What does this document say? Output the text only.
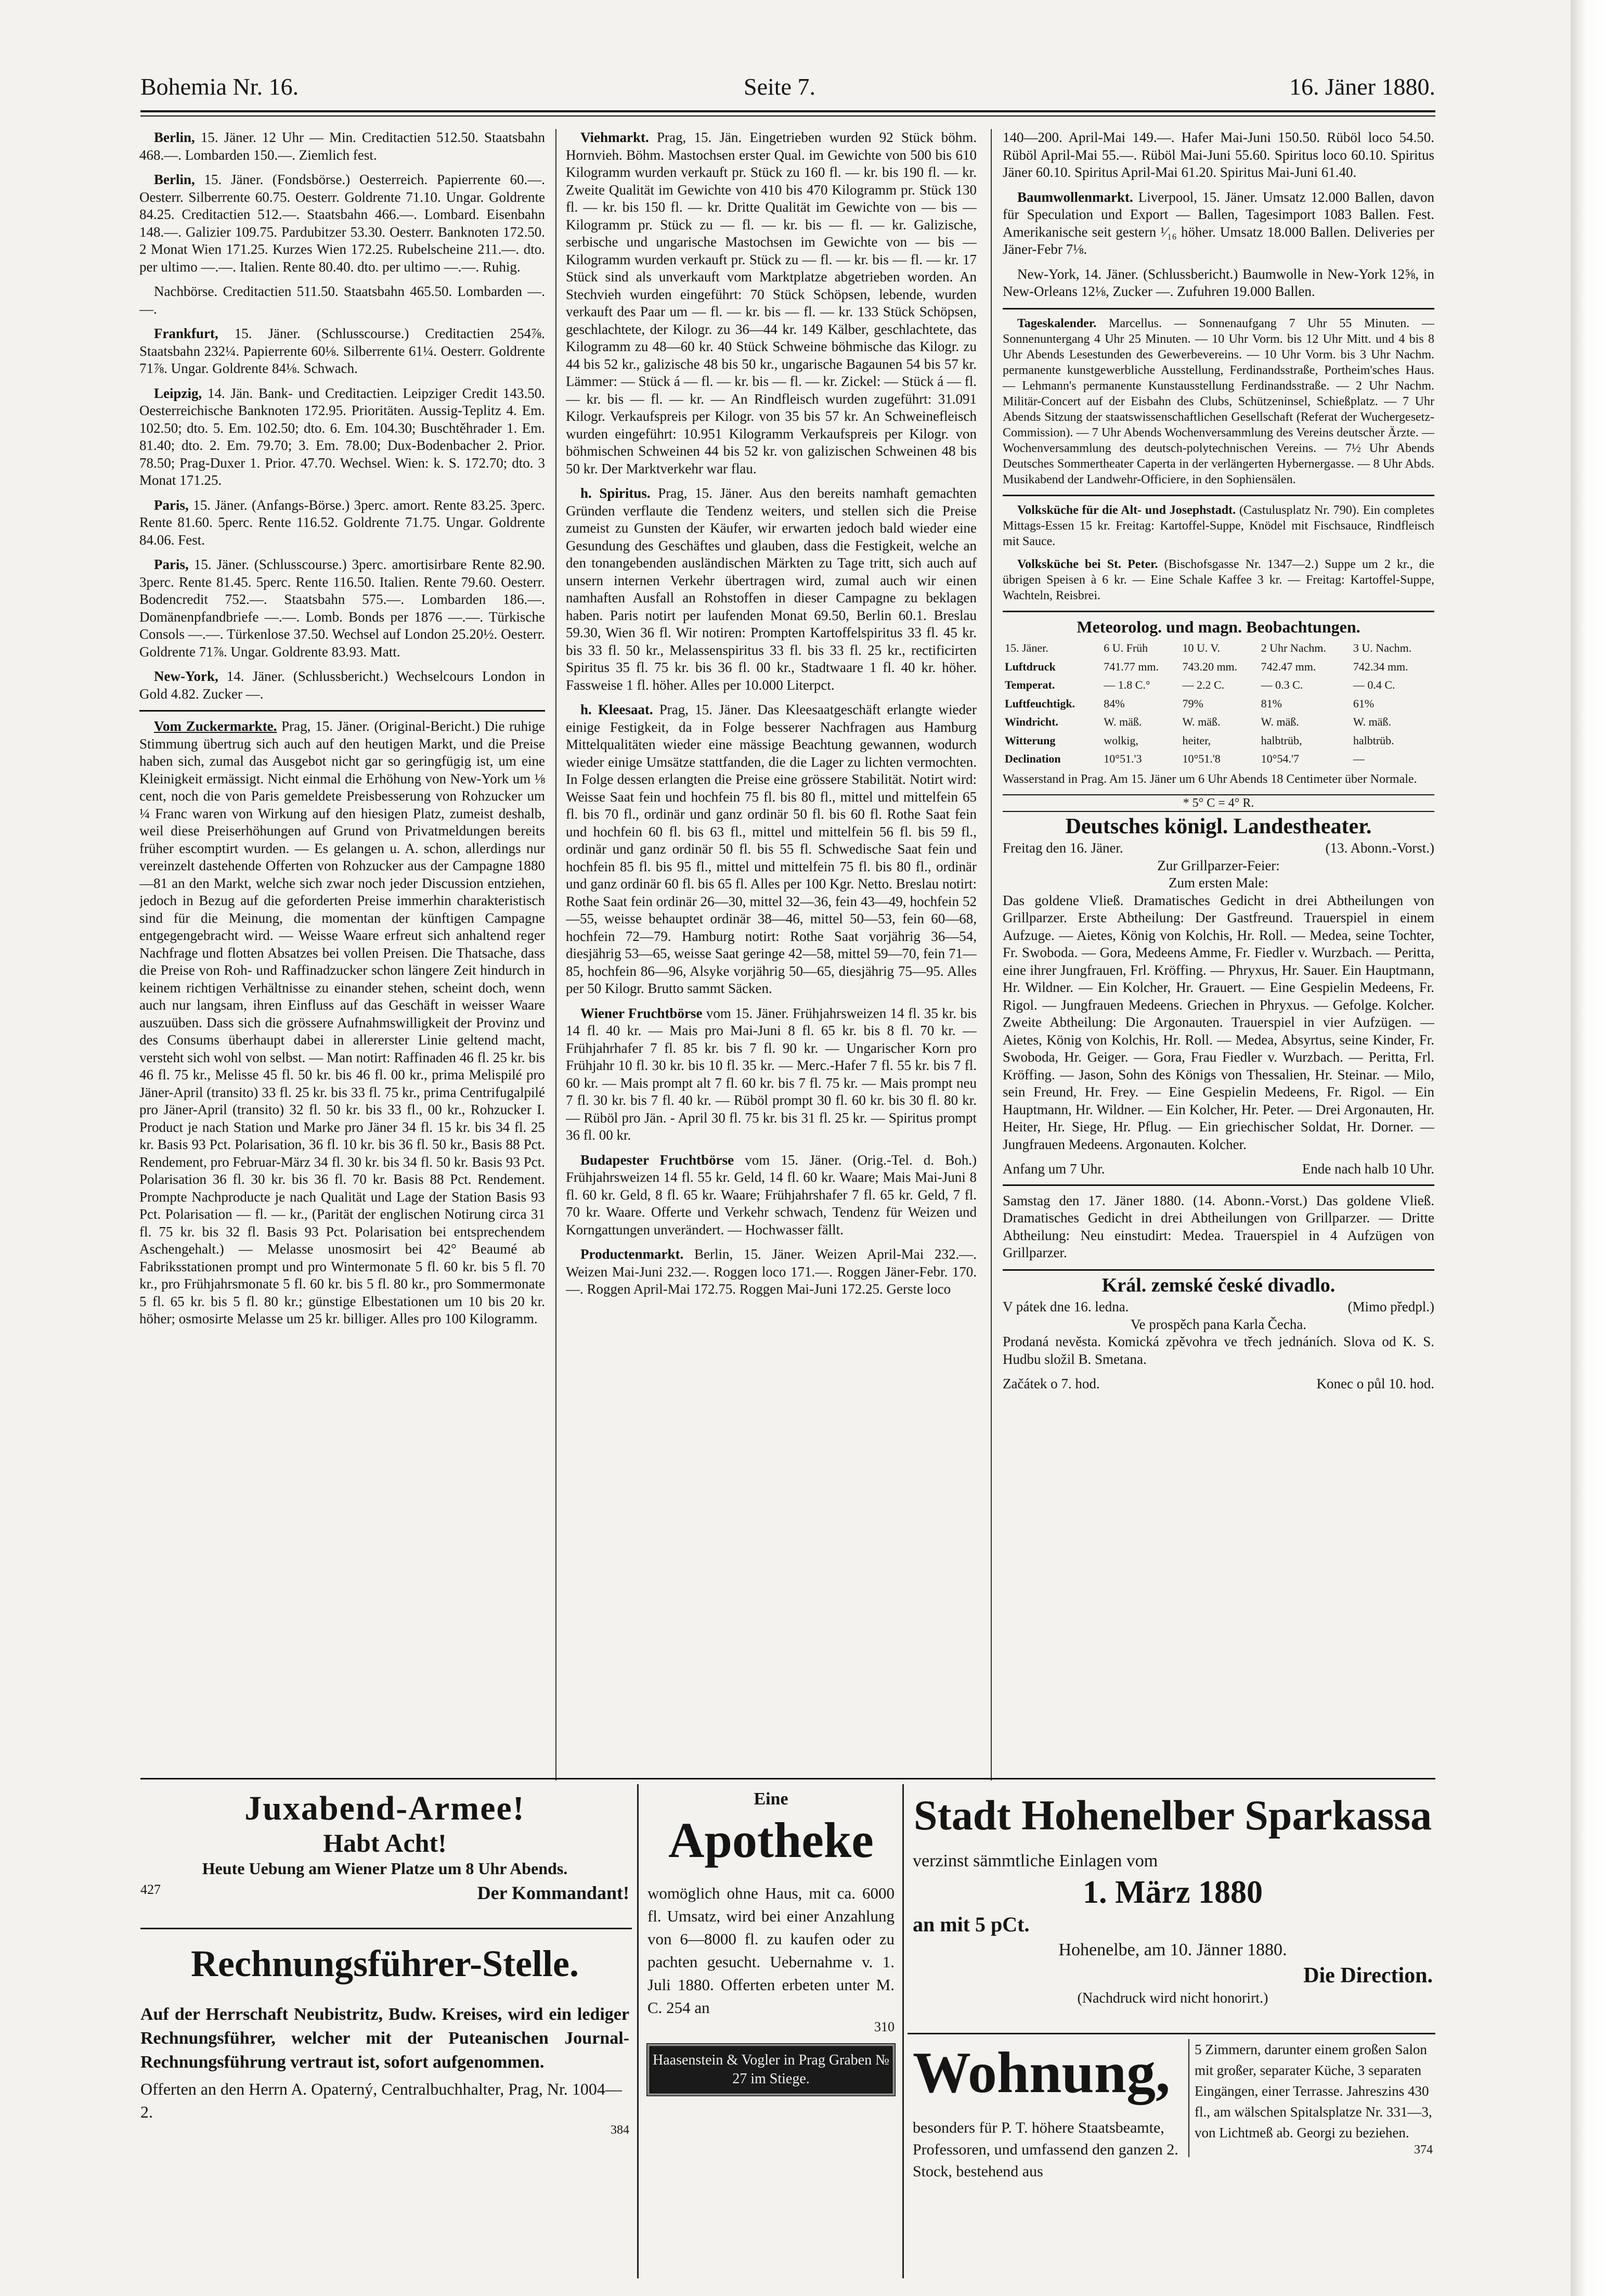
Bohemia Nr. 16.	Seite 7.	16. Jäner 1880.

Berlin, 15. Jäner. 12 Uhr — Min. Creditactien 512.50. Staatsbahn 468.—. Lombarden 150.—. Ziemlich fest.

Berlin, 15. Jäner. (Fondsbörse.) Oesterreich. Papierrente 60.—. Oesterr. Silberrente 60.75. Oesterr. Goldrente 71.10. Ungar. Goldrente 84.25. Creditactien 512.—. Staatsbahn 466.—. Lombard. Eisenbahn 148.—. Galizier 109.75. Pardubitzer 53.30. Oesterr. Banknoten 172.50. 2 Monat Wien 171.25. Kurzes Wien 172.25. Rubelscheine 211.—. dto. per ultimo —.—. Italien. Rente 80.40. dto. per ultimo —.—. Ruhig.

Nachbörse. Creditactien 511.50. Staatsbahn 465.50. Lombarden —.—.

Frankfurt, 15. Jäner. (Schlusscourse.) Creditactien 254⅞. Staatsbahn 232¼. Papierrente 60⅛. Silberrente 61¼. Oesterr. Goldrente 71⅞. Ungar. Goldrente 84⅛. Schwach.

Leipzig, 14. Jän. Bank- und Creditactien. Leipziger Credit 143.50. Oesterreichische Banknoten 172.95. Prioritäten. Aussig-Teplitz 4. Em. 102.50; dto. 5. Em. 102.50; dto. 6. Em. 104.30; Buschtěhrader 1. Em. 81.40; dto. 2. Em. 79.70; 3. Em. 78.00; Dux-Bodenbacher 2. Prior. 78.50; Prag-Duxer 1. Prior. 47.70. Wechsel. Wien: k. S. 172.70; dto. 3 Monat 171.25.

Paris, 15. Jäner. (Anfangs-Börse.) 3perc. amort. Rente 83.25. 3perc. Rente 81.60. 5perc. Rente 116.52. Goldrente 71.75. Ungar. Goldrente 84.06. Fest.

Paris, 15. Jäner. (Schlusscourse.) 3perc. amortisirbare Rente 82.90. 3perc. Rente 81.45. 5perc. Rente 116.50. Italien. Rente 79.60. Oesterr. Bodencredit 752.—. Staatsbahn 575.—. Lombarden 186.—. Domänenpfandbriefe —.—. Lomb. Bonds per 1876 —.—. Türkische Consols —.—. Türkenlose 37.50. Wechsel auf London 25.20½. Oesterr. Goldrente 71⅞. Ungar. Goldrente 83.93. Matt.

New-York, 14. Jäner. (Schlussbericht.) Wechselcours London in Gold 4.82. Zucker —.

Vom Zuckermarkte. Prag, 15. Jäner. (Original-Bericht.) Die ruhige Stimmung übertrug sich auch auf den heutigen Markt, und die Preise haben sich, zumal das Ausgebot nicht gar so geringfügig ist, um eine Kleinigkeit ermässigt. Nicht einmal die Erhöhung von New-York um ⅛ cent, noch die von Paris gemeldete Preisbesserung von Rohzucker um ¼ Franc waren von Wirkung auf den hiesigen Platz, zumeist deshalb, weil diese Preiserhöhungen auf Grund von Privatmeldungen bereits früher escomptirt wurden. — Es gelangen u. A. schon, allerdings nur vereinzelt dastehende Offerten von Rohzucker aus der Campagne 1880—81 an den Markt, welche sich zwar noch jeder Discussion entziehen, jedoch in Bezug auf die geforderten Preise immerhin charakteristisch sind für die Meinung, die momentan der künftigen Campagne entgegengebracht wird. — Weisse Waare erfreut sich anhaltend reger Nachfrage und flotten Absatzes bei vollen Preisen. Die Thatsache, dass die Preise von Roh- und Raffinadzucker schon längere Zeit hindurch in keinem richtigen Verhältnisse zu einander stehen, scheint doch, wenn auch nur langsam, ihren Einfluss auf das Geschäft in weisser Waare auszuüben. Dass sich die grössere Aufnahmswilligkeit der Provinz und des Consums überhaupt dabei in allererster Linie geltend macht, versteht sich wohl von selbst. — Man notirt: Raffinaden 46 fl. 25 kr. bis 46 fl. 75 kr., Melisse 45 fl. 50 kr. bis 46 fl. 00 kr., prima Melispilé pro Jäner-April (transito) 33 fl. 25 kr. bis 33 fl. 75 kr., prima Centrifugalpilé pro Jäner-April (transito) 32 fl. 50 kr. bis 33 fl., 00 kr., Rohzucker I. Product je nach Station und Marke pro Jäner 34 fl. 15 kr. bis 34 fl. 25 kr. Basis 93 Pct. Polarisation, 36 fl. 10 kr. bis 36 fl. 50 kr., Basis 88 Pct. Rendement, pro Februar-März 34 fl. 30 kr. bis 34 fl. 50 kr. Basis 93 Pct. Polarisation 36 fl. 30 kr. bis 36 fl. 70 kr. Basis 88 Pct. Rendement. Prompte Nachproducte je nach Qualität und Lage der Station Basis 93 Pct. Polarisation — fl. — kr., (Parität der englischen Notirung circa 31 fl. 75 kr. bis 32 fl. Basis 93 Pct. Polarisation bei entsprechendem Aschengehalt.) — Melasse unosmosirt bei 42° Beaumé ab Fabriksstationen prompt und pro Wintermonate 5 fl. 60 kr. bis 5 fl. 70 kr., pro Frühjahrsmonate 5 fl. 60 kr. bis 5 fl. 80 kr., pro Sommermonate 5 fl. 65 kr. bis 5 fl. 80 kr.; günstige Elbestationen um 10 bis 20 kr. höher; osmosirte Melasse um 25 kr. billiger. Alles pro 100 Kilogramm.

Viehmarkt. Prag, 15. Jän. Eingetrieben wurden 92 Stück böhm. Hornvieh. Böhm. Mastochsen erster Qual. im Gewichte von 500 bis 610 Kilogramm wurden verkauft pr. Stück zu 160 fl. — kr. bis 190 fl. — kr. Zweite Qualität im Gewichte von 410 bis 470 Kilogramm pr. Stück 130 fl. — kr. bis 150 fl. — kr. Dritte Qualität im Gewichte von — bis — Kilogramm pr. Stück zu — fl. — kr. bis — fl. — kr. Galizische, serbische und ungarische Mastochsen im Gewichte von — bis — Kilogramm wurden verkauft pr. Stück zu — fl. — kr. bis — fl. — kr. 17 Stück sind als unverkauft vom Marktplatze abgetrieben worden. An Stechvieh wurden eingeführt: 70 Stück Schöpsen, lebende, wurden verkauft des Paar um — fl. — kr. bis — fl. — kr. 133 Stück Schöpsen, geschlachtete, der Kilogr. zu 36—44 kr. 149 Kälber, geschlachtete, das Kilogramm zu 48—60 kr. 40 Stück Schweine böhmische das Kilogr. zu 44 bis 52 kr., galizische 48 bis 50 kr., ungarische Bagaunen 54 bis 57 kr. Lämmer: — Stück á — fl. — kr. bis — fl. — kr. Zickel: — Stück á — fl. — kr. bis — fl. — kr. — An Rindfleisch wurden zugeführt: 31.091 Kilogr. Verkaufspreis per Kilogr. von 35 bis 57 kr. An Schweinefleisch wurden eingeführt: 10.951 Kilogramm Verkaufspreis per Kilogr. von böhmischen Schweinen 44 bis 52 kr. von galizischen Schweinen 48 bis 50 kr. Der Marktverkehr war flau.

h. Spiritus. Prag, 15. Jäner. Aus den bereits namhaft gemachten Gründen verflaute die Tendenz weiters, und stellen sich die Preise zumeist zu Gunsten der Käufer, wir erwarten jedoch bald wieder eine Gesundung des Geschäftes und glauben, dass die Festigkeit, welche an den tonangebenden ausländischen Märkten zu Tage tritt, sich auch auf unsern internen Verkehr übertragen wird, zumal auch wir einen namhaften Ausfall an Rohstoffen in dieser Campagne zu beklagen haben. Paris notirt per laufenden Monat 69.50, Berlin 60.1. Breslau 59.30, Wien 36 fl. Wir notiren: Prompten Kartoffelspiritus 33 fl. 45 kr. bis 33 fl. 50 kr., Melassenspiritus 33 fl. bis 33 fl. 25 kr., rectificirten Spiritus 35 fl. 75 kr. bis 36 fl. 00 kr., Stadtwaare 1 fl. 40 kr. höher. Fassweise 1 fl. höher. Alles per 10.000 Literpct.

h. Kleesaat. Prag, 15. Jäner. Das Kleesaatgeschäft erlangte wieder einige Festigkeit, da in Folge besserer Nachfragen aus Hamburg Mittelqualitäten wieder eine mässige Beachtung gewannen, wodurch wieder einige Umsätze stattfanden, die die Lager zu lichten vermochten. In Folge dessen erlangten die Preise eine grössere Stabilität. Notirt wird: Weisse Saat fein und hochfein 75 fl. bis 80 fl., mittel und mittelfein 65 fl. bis 70 fl., ordinär und ganz ordinär 50 fl. bis 60 fl. Rothe Saat fein und hochfein 60 fl. bis 63 fl., mittel und mittelfein 56 fl. bis 59 fl., ordinär und ganz ordinär 50 fl. bis 55 fl. Schwedische Saat fein und hochfein 85 fl. bis 95 fl., mittel und mittelfein 75 fl. bis 80 fl., ordinär und ganz ordinär 60 fl. bis 65 fl. Alles per 100 Kgr. Netto. Breslau notirt: Rothe Saat fein ordinär 26—30, mittel 32—36, fein 43—49, hochfein 52—55, weisse behauptet ordinär 38—46, mittel 50—53, fein 60—68, hochfein 72—79. Hamburg notirt: Rothe Saat vorjährig 36—54, diesjährig 53—65, weisse Saat geringe 42—58, mittel 59—70, fein 71—85, hochfein 86—96, Alsyke vorjährig 50—65, diesjährig 75—95. Alles per 50 Kilogr. Brutto sammt Säcken.

Wiener Fruchtbörse vom 15. Jäner. Frühjahrsweizen 14 fl. 35 kr. bis 14 fl. 40 kr. — Mais pro Mai-Juni 8 fl. 65 kr. bis 8 fl. 70 kr. — Frühjahrhafer 7 fl. 85 kr. bis 7 fl. 90 kr. — Ungarischer Korn pro Frühjahr 10 fl. 30 kr. bis 10 fl. 35 kr. — Merc.-Hafer 7 fl. 55 kr. bis 7 fl. 60 kr. — Mais prompt alt 7 fl. 60 kr. bis 7 fl. 75 kr. — Mais prompt neu 7 fl. 30 kr. bis 7 fl. 40 kr. — Rüböl prompt 30 fl. 60 kr. bis 30 fl. 80 kr. — Rüböl pro Jän. - April 30 fl. 75 kr. bis 31 fl. 25 kr. — Spiritus prompt 36 fl. 00 kr.

Budapester Fruchtbörse vom 15. Jäner. (Orig.-Tel. d. Boh.) Frühjahrsweizen 14 fl. 55 kr. Geld, 14 fl. 60 kr. Waare; Mais Mai-Juni 8 fl. 60 kr. Geld, 8 fl. 65 kr. Waare; Frühjahrshafer 7 fl. 65 kr. Geld, 7 fl. 70 kr. Waare. Offerte und Verkehr schwach, Tendenz für Weizen und Korngattungen unverändert. — Hochwasser fällt.

Productenmarkt. Berlin, 15. Jäner. Weizen April-Mai 232.—. Weizen Mai-Juni 232.—. Roggen loco 171.—. Roggen Jäner-Febr. 170.—. Roggen April-Mai 172.75. Roggen Mai-Juni 172.25. Gerste loco

140—200. April-Mai 149.—. Hafer Mai-Juni 150.50. Rüböl loco 54.50. Rüböl April-Mai 55.—. Rüböl Mai-Juni 55.60. Spiritus loco 60.10. Spiritus Jäner 60.10. Spiritus April-Mai 61.20. Spiritus Mai-Juni 61.40.

Baumwollenmarkt. Liverpool, 15. Jäner. Umsatz 12.000 Ballen, davon für Speculation und Export — Ballen, Tagesimport 1083 Ballen. Fest. Amerikanische seit gestern ¹⁄₁₆ höher. Umsatz 18.000 Ballen. Deliveries per Jäner-Febr 7⅛.

New-York, 14. Jäner. (Schlussbericht.) Baumwolle in New-York 12⅝, in New-Orleans 12⅛, Zucker —. Zufuhren 19.000 Ballen.

Tageskalender. Marcellus. — Sonnenaufgang 7 Uhr 55 Minuten. — Sonnenuntergang 4 Uhr 25 Minuten. — 10 Uhr Vorm. bis 12 Uhr Mitt. und 4 bis 8 Uhr Abends Lesestunden des Gewerbevereins. — 10 Uhr Vorm. bis 3 Uhr Nachm. permanente kunstgewerbliche Ausstellung, Ferdinandsstraße, Portheim'sches Haus. — Lehmann's permanente Kunstausstellung Ferdinandsstraße. — 2 Uhr Nachm. Militär-Concert auf der Eisbahn des Clubs, Schützeninsel, Schießplatz. — 7 Uhr Abends Sitzung der staatswissenschaftlichen Gesellschaft (Referat der Wuchergesetz-Commission). — 7 Uhr Abends Wochenversammlung des Vereins deutscher Ärzte. — Wochenversammlung des deutsch-polytechnischen Vereins. — 7½ Uhr Abends Deutsches Sommertheater Caperta in der verlängerten Hybernergasse. — 8 Uhr Abds. Musikabend der Landwehr-Officiere, in den Sophiensälen.

Volksküche für die Alt- und Josephstadt. (Castulusplatz Nr. 790). Ein completes Mittags-Essen 15 kr. Freitag: Kartoffel-Suppe, Knödel mit Fischsauce, Rindfleisch mit Sauce.

Volksküche bei St. Peter. (Bischofsgasse Nr. 1347—2.) Suppe um 2 kr., die übrigen Speisen à 6 kr. — Eine Schale Kaffee 3 kr. — Freitag: Kartoffel-Suppe, Wachteln, Reisbrei.

Meteorolog. und magn. Beobachtungen.
15. Jäner.	6 U. Früh	10 U. V.	2 Uhr Nachm.	3 U. Nachm.
Luftdruck	741.77 mm.	743.20 mm.	742.47 mm.	742.34 mm.
Temperat.	— 1.8 C.°	— 2.2 C.	— 0.3 C.	— 0.4 C.
Luftfeuchtigk.	84%	79%	81%	61%
Windricht.	W. mäß.	W. mäß.	W. mäß.	W. mäß.
Witterung	wolkig,	heiter,	halbtrüb,	halbtrüb.
Declination	10°51.'3	10°51.'8	10°54.'7	—

Wasserstand in Prag. Am 15. Jäner um 6 Uhr Abends 18 Centimeter über Normale.

* 5° C = 4° R.
Deutsches königl. Landestheater.
Freitag den 16. Jäner.	(13. Abonn.-Vorst.)
Zur Grillparzer-Feier:
Zum ersten Male:

Das goldene Vließ. Dramatisches Gedicht in drei Abtheilungen von Grillparzer. Erste Abtheilung: Der Gastfreund. Trauerspiel in einem Aufzuge. — Aietes, König von Kolchis, Hr. Roll. — Medea, seine Tochter, Fr. Swoboda. — Gora, Medeens Amme, Fr. Fiedler v. Wurzbach. — Peritta, eine ihrer Jungfrauen, Frl. Kröffing. — Phryxus, Hr. Sauer. Ein Hauptmann, Hr. Wildner. — Ein Kolcher, Hr. Grauert. — Eine Gespielin Medeens, Fr. Rigol. — Jungfrauen Medeens. Griechen in Phryxus. — Gefolge. Kolcher. Zweite Abtheilung: Die Argonauten. Trauerspiel in vier Aufzügen. — Aietes, König von Kolchis, Hr. Roll. — Medea, Absyrtus, seine Kinder, Fr. Swoboda, Hr. Geiger. — Gora, Frau Fiedler v. Wurzbach. — Peritta, Frl. Kröffing. — Jason, Sohn des Königs von Thessalien, Hr. Steinar. — Milo, sein Freund, Hr. Frey. — Eine Gespielin Medeens, Fr. Rigol. — Ein Hauptmann, Hr. Wildner. — Ein Kolcher, Hr. Peter. — Drei Argonauten, Hr. Heiter, Hr. Siege, Hr. Pflug. — Ein griechischer Soldat, Hr. Dorner. — Jungfrauen Medeens. Argonauten. Kolcher.

Anfang um 7 Uhr.	Ende nach halb 10 Uhr.

Samstag den 17. Jäner 1880. (14. Abonn.-Vorst.) Das goldene Vließ. Dramatisches Gedicht in drei Abtheilungen von Grillparzer. — Dritte Abtheilung: Neu einstudirt: Medea. Trauerspiel in 4 Aufzügen von Grillparzer.

Král. zemské české divadlo.
V pátek dne 16. ledna.	(Mimo předpl.)
Ve prospěch pana Karla Čecha.

Prodaná nevěsta. Komická zpěvohra ve třech jednáních. Slova od K. S. Hudbu složil B. Smetana.

Začátek o 7. hod.	Konec o půl 10. hod.
Juxabend-Armee!
Habt Acht!
Heute Uebung am Wiener Platze um 8 Uhr Abends.
427	Der Kommandant!
Rechnungsführer-Stelle.
Auf der Herrschaft Neubistritz, Budw. Kreises, wird ein lediger Rechnungsführer, welcher mit der Puteanischen Journal-Rechnungsführung vertraut ist, sofort aufgenommen.
Offerten an den Herrn A. Opaterný, Centralbuchhalter, Prag, Nr. 1004—2.
384
Eine
Apotheke
womöglich ohne Haus, mit ca. 6000 fl. Umsatz, wird bei einer Anzahlung von 6—8000 fl. zu kaufen oder zu pachten gesucht. Uebernahme v. 1. Juli 1880. Offerten erbeten unter M. C. 254 an
310
Haasenstein & Vogler in Prag Graben № 27 im Stiege.
Stadt Hohenelber Sparkassa
verzinst sämmtliche Einlagen vom
1. März 1880
an mit 5 pCt.
Hohenelbe, am 10. Jänner 1880.
Die Direction.
(Nachdruck wird nicht honorirt.)
Wohnung,
besonders für P. T. höhere Staatsbeamte, Professoren, und umfassend den ganzen 2. Stock, bestehend aus
5 Zimmern, darunter einem großen Salon mit großer, separater Küche, 3 separaten Eingängen, einer Terrasse. Jahreszins 430 fl., am wälschen Spitalsplatze Nr. 331—3, von Lichtmeß ab. Georgi zu beziehen.
374
